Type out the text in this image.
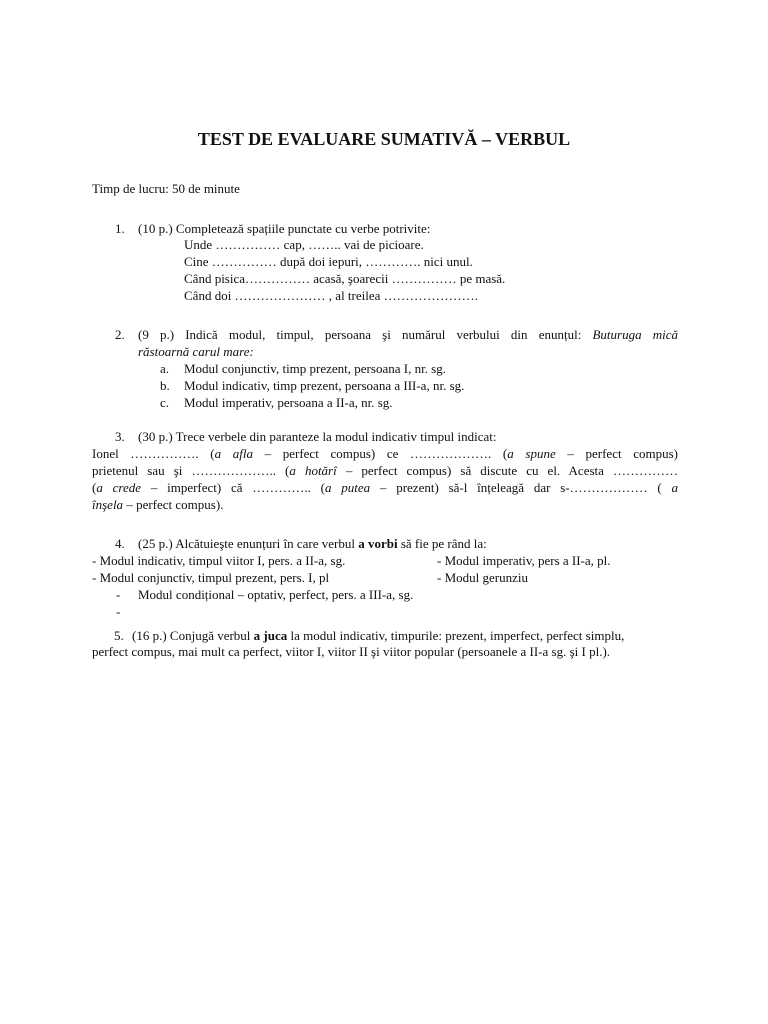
TEST DE EVALUARE SUMATIVĂ – VERBUL
Timp de lucru: 50 de minute
1. (10 p.) Completează spațiile punctate cu verbe potrivite:
Unde …………… cap, …….. vai de picioare.
Cine …………… după doi iepuri, …………. nici unul.
Când pisica…………… acasă, şoarecii …………… pe masă.
Când doi ………………… , al treilea ………………….
2. (9 p.) Indică modul, timpul, persoana şi numărul verbului din enunțul: Buturuga mică
răstoarnă carul mare:
a. Modul conjunctiv, timp prezent, persoana I, nr. sg.
b. Modul indicativ, timp prezent, persoana a III-a, nr. sg.
c. Modul imperativ, persoana a II-a, nr. sg.
3. (30 p.) Trece verbele din paranteze la modul indicativ timpul indicat:
Ionel ……………. (a afla – perfect compus) ce ………………. (a spune – perfect compus)
prietenul sau şi ……………….. (a hotărî – perfect compus) să discute cu el. Acesta ……………
(a crede – imperfect) că ………….. (a putea – prezent) să-l înțeleagă dar s-……………… ( a
înşela – perfect compus).
4. (25 p.) Alcătuieşte enunțuri în care verbul a vorbi să fie pe rând la:
- Modul indicativ, timpul viitor I, pers. a II-a, sg.	- Modul imperativ, pers a II-a, pl.
- Modul conjunctiv, timpul prezent, pers. I, pl	- Modul gerunziu
- Modul condițional – optativ, perfect, pers. a III-a, sg.
-
5. (16 p.) Conjugă verbul a juca la modul indicativ, timpurile: prezent, imperfect, perfect simplu,
perfect compus, mai mult ca perfect, viitor I, viitor II şi viitor popular (persoanele a II-a sg. şi I pl.).
